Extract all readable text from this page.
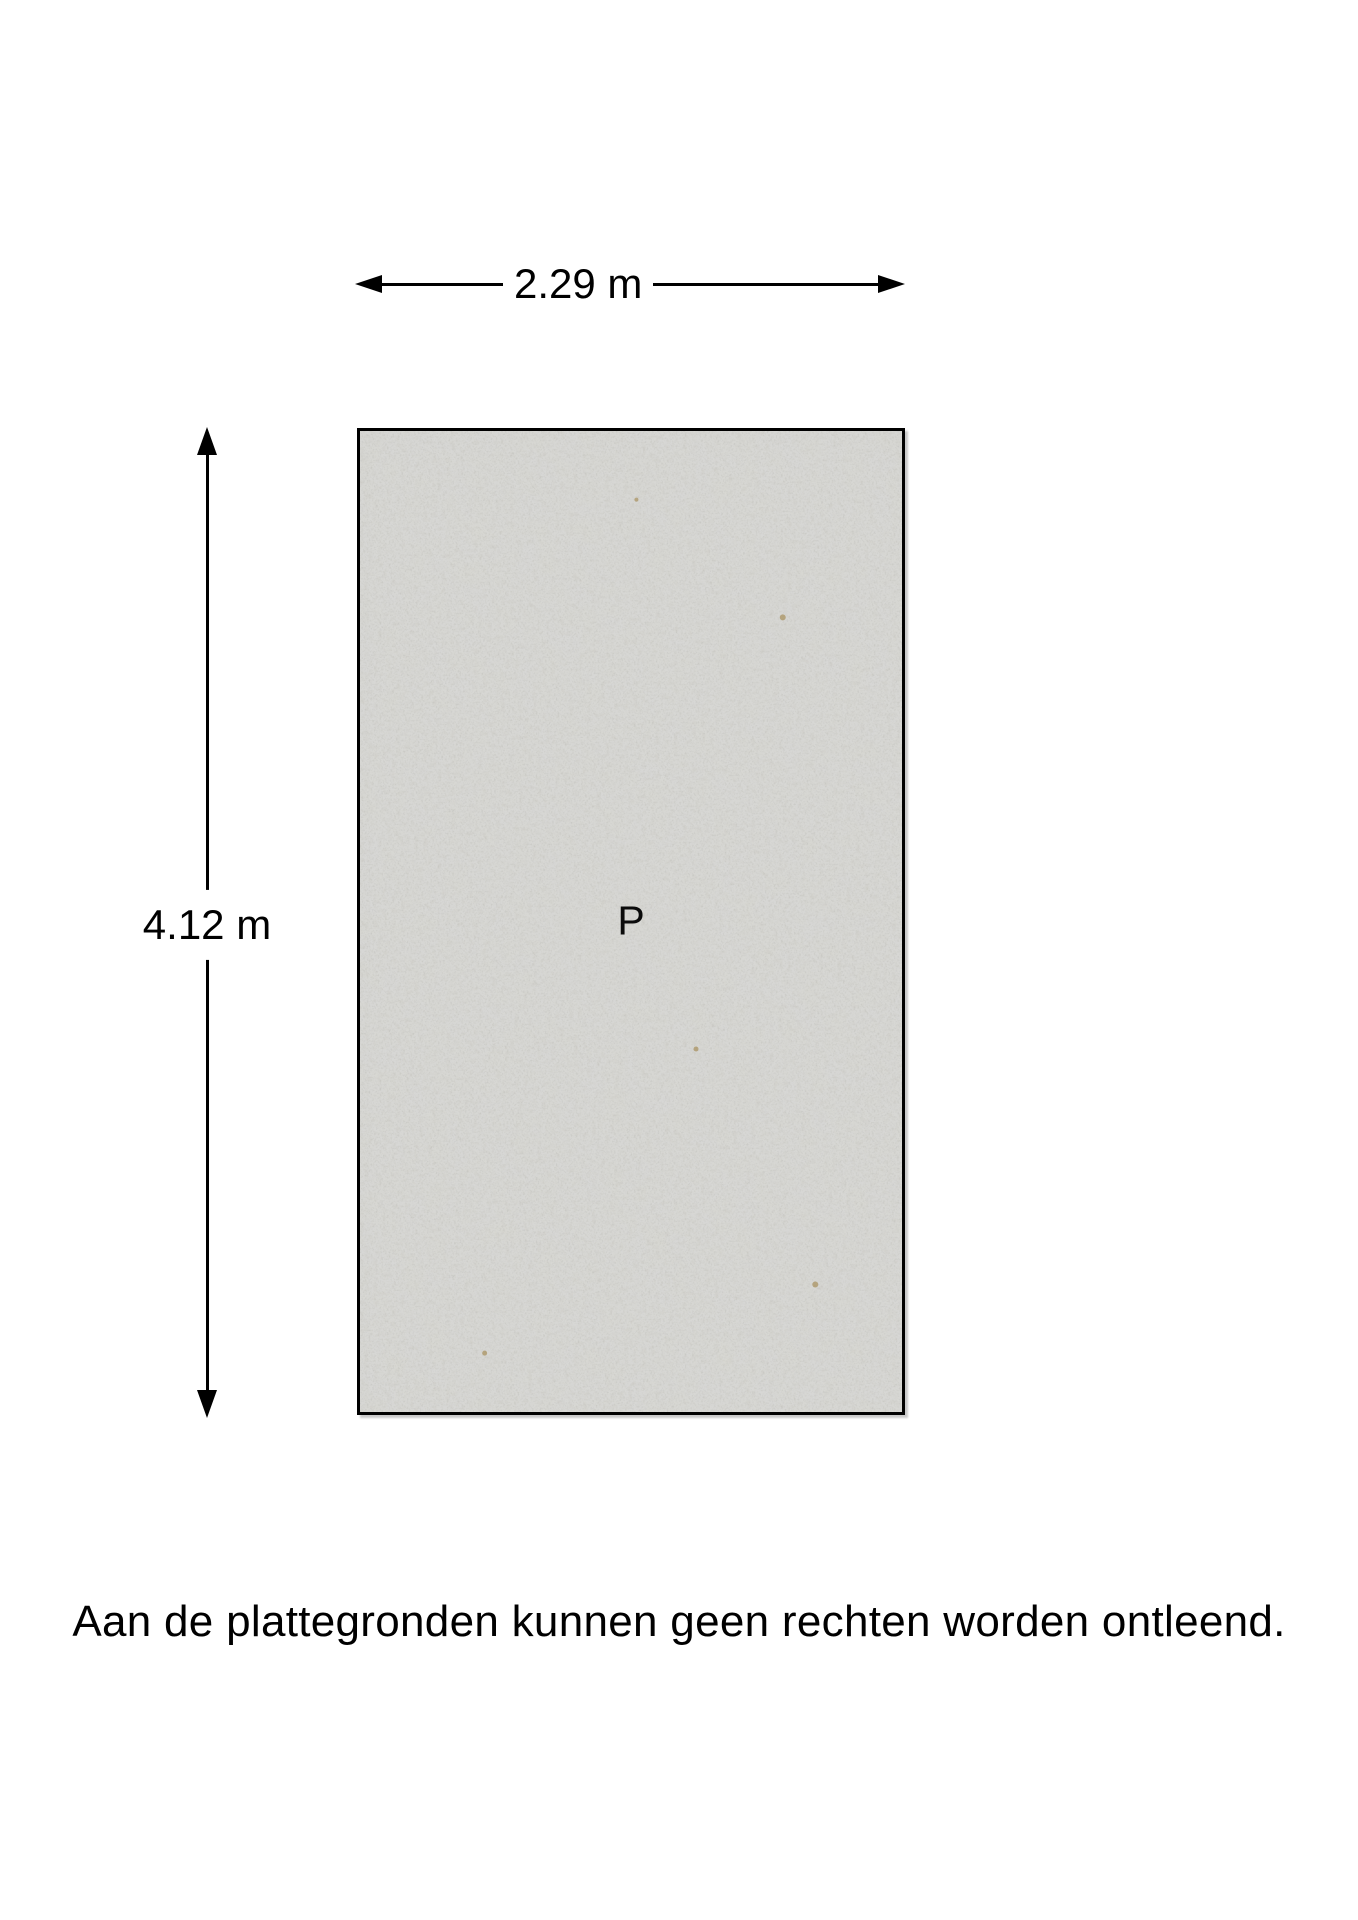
2.29 m
4.12 m	P
Aan de plattegronden kunnen geen rechten worden ontleend.
